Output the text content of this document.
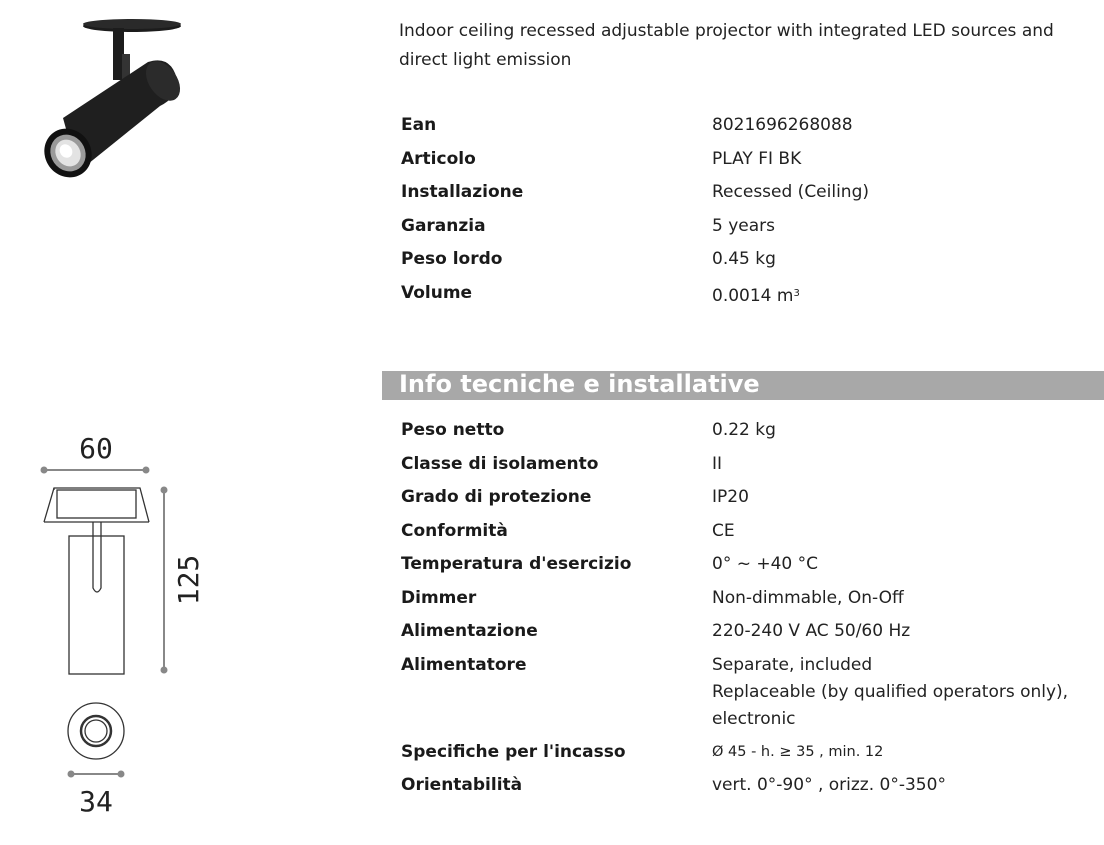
60
125
34
Indoor ceiling recessed adjustable projector with integrated LED sources and direct light emission
Ean	8021696268088
Articolo	PLAY FI BK
Installazione	Recessed (Ceiling)
Garanzia	5 years
Peso lordo	0.45 kg
Volume	0.0014 $m^3$
Info tecniche e installative
Peso netto	0.22 kg
Classe di isolamento	II
Grado di protezione	IP20
Conformità	CE
Temperatura d'esercizio	0° ~ +40 °C
Dimmer	Non-dimmable, On-Off
Alimentazione	220-240 V AC 50/60 Hz
Alimentatore	Separate, included
Replaceable (by qualified operators only),
electronic
Specifiche per l'incasso	Ø 45 - h. ≥ 35 , min. 12
Orientabilità	vert. 0°-90° , orizz. 0°-350°
